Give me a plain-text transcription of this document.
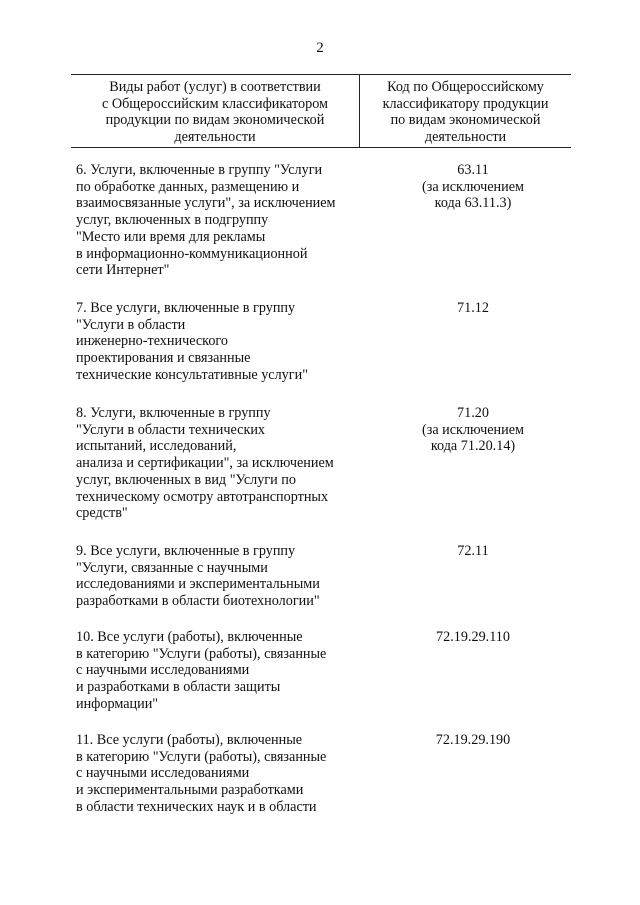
2
Виды работ (услуг) в соответствии
с Общероссийским классификатором
продукции по видам экономической
деятельности
Код по Общероссийскому
классификатору продукции
по видам экономической
деятельности
6. Услуги, включенные в группу "Услуги
по обработке данных, размещению и
взаимосвязанные услуги", за исключением
услуг, включенных в подгруппу
"Место или время для рекламы
в информационно-коммуникационной
сети Интернет"
63.11
(за исключением
кода 63.11.3)
7. Все услуги, включенные в группу
"Услуги в области
инженерно-технического
проектирования и связанные
технические консультативные услуги"
71.12
8. Услуги, включенные в группу
"Услуги в области технических
испытаний, исследований,
анализа и сертификации", за исключением
услуг, включенных в вид "Услуги по
техническому осмотру автотранспортных
средств"
71.20
(за исключением
кода 71.20.14)
9. Все услуги, включенные в группу
"Услуги, связанные с научными
исследованиями и экспериментальными
разработками в области биотехнологии"
72.11
10. Все услуги (работы), включенные
в категорию "Услуги (работы), связанные
с научными исследованиями
и разработками в области защиты
информации"
72.19.29.110
11. Все услуги (работы), включенные
в категорию "Услуги (работы), связанные
с научными исследованиями
и экспериментальными разработками
в области технических наук и в области
72.19.29.190
